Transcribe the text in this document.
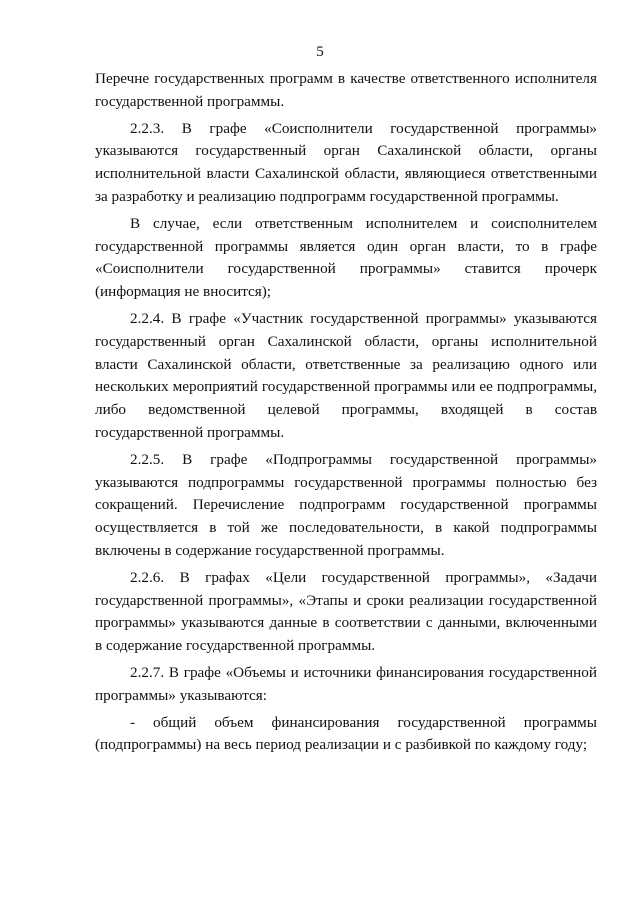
5

Перечне государственных программ в качестве ответственного исполнителя государственной программы.

2.2.3. В графе «Соисполнители государственной программы» указываются государственный орган Сахалинской области, органы исполнительной власти Сахалинской области, являющиеся ответственными за разработку и реализацию подпрограмм государственной программы.

В случае, если ответственным исполнителем и соисполнителем государственной программы является один орган власти, то в графе «Соисполнители государственной программы» ставится прочерк (информация не вносится);

2.2.4. В графе «Участник государственной программы» указываются государственный орган Сахалинской области, органы исполнительной власти Сахалинской области, ответственные за реализацию одного или нескольких мероприятий государственной программы или ее подпрограммы, либо ведомственной целевой программы, входящей в состав государственной программы.

2.2.5. В графе «Подпрограммы государственной программы» указываются подпрограммы государственной программы полностью без сокращений. Перечисление подпрограмм государственной программы осуществляется в той же последовательности, в какой подпрограммы включены в содержание государственной программы.

2.2.6. В графах «Цели государственной программы», «Задачи государственной программы», «Этапы и сроки реализации государственной программы» указываются данные в соответствии с данными, включенными в содержание государственной программы.

2.2.7. В графе «Объемы и источники финансирования государственной программы» указываются:

- общий объем финансирования государственной программы (подпрограммы) на весь период реализации и с разбивкой по каждому году;
